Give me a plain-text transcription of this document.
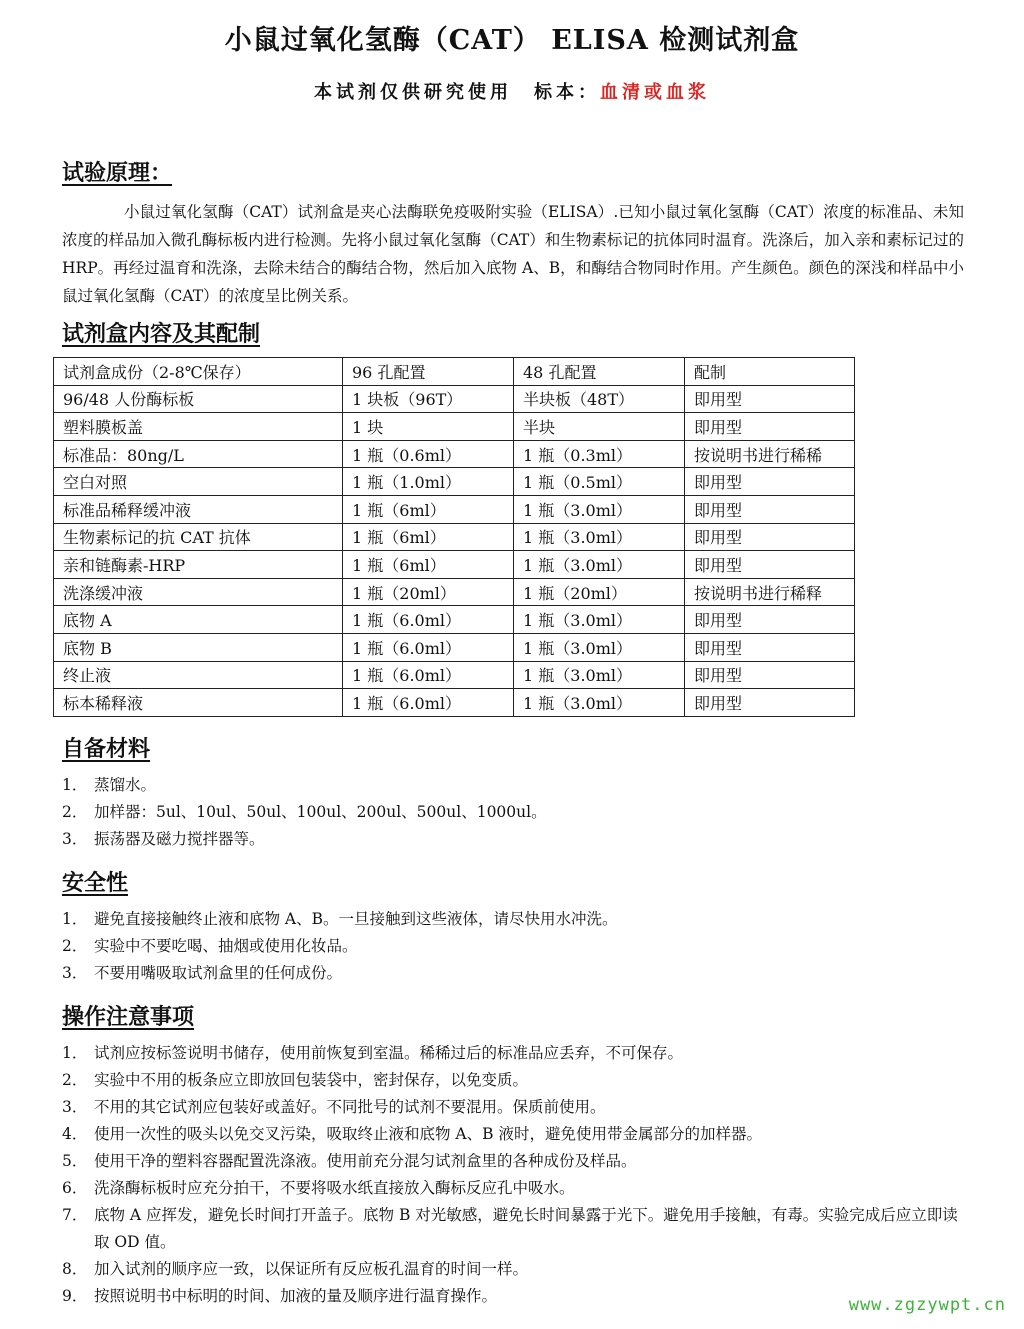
小鼠过氧化氢酶（CAT） ELISA 检测试剂盒
本试剂仅供研究使用 标本：血清或血浆
试验原理：
小鼠过氧化氢酶（CAT）试剂盒是夹心法酶联免疫吸附实验（ELISA）.已知小鼠过氧化氢酶（CAT）浓度的标准品、未知浓度的样品加入微孔酶标板内进行检测。先将小鼠过氧化氢酶（CAT）和生物素标记的抗体同时温育。洗涤后，加入亲和素标记过的 HRP。再经过温育和洗涤，去除未结合的酶结合物，然后加入底物 A、B，和酶结合物同时作用。产生颜色。颜色的深浅和样品中小鼠过氧化氢酶（CAT）的浓度呈比例关系。
试剂盒内容及其配制
试剂盒成份（2-8℃保存）	96 孔配置	48 孔配置	配制
96/48 人份酶标板	1 块板（96T）	半块板（48T）	即用型
塑料膜板盖	1 块	半块	即用型
标准品：80ng/L	1 瓶（0.6ml）	1 瓶（0.3ml）	按说明书进行稀稀
空白对照	1 瓶（1.0ml）	1 瓶（0.5ml）	即用型
标准品稀释缓冲液	1 瓶（6ml）	1 瓶（3.0ml）	即用型
生物素标记的抗 CAT 抗体	1 瓶（6ml）	1 瓶（3.0ml）	即用型
亲和链酶素-HRP	1 瓶（6ml）	1 瓶（3.0ml）	即用型
洗涤缓冲液	1 瓶（20ml）	1 瓶（20ml）	按说明书进行稀释
底物 A	1 瓶（6.0ml）	1 瓶（3.0ml）	即用型
底物 B	1 瓶（6.0ml）	1 瓶（3.0ml）	即用型
终止液	1 瓶（6.0ml）	1 瓶（3.0ml）	即用型
标本稀释液	1 瓶（6.0ml）	1 瓶（3.0ml）	即用型
自备材料
1． 蒸馏水。
2． 加样器：5ul、10ul、50ul、100ul、200ul、500ul、1000ul。
3． 振荡器及磁力搅拌器等。
安全性
1． 避免直接接触终止液和底物 A、B。一旦接触到这些液体，请尽快用水冲洗。
2． 实验中不要吃喝、抽烟或使用化妆品。
3． 不要用嘴吸取试剂盒里的任何成份。
操作注意事项
1． 试剂应按标签说明书储存，使用前恢复到室温。稀稀过后的标准品应丢弃，不可保存。
2． 实验中不用的板条应立即放回包装袋中，密封保存，以免变质。
3． 不用的其它试剂应包装好或盖好。不同批号的试剂不要混用。保质前使用。
4． 使用一次性的吸头以免交叉污染，吸取终止液和底物 A、B 液时，避免使用带金属部分的加样器。
5． 使用干净的塑料容器配置洗涤液。使用前充分混匀试剂盒里的各种成份及样品。
6． 洗涤酶标板时应充分拍干，不要将吸水纸直接放入酶标反应孔中吸水。
7． 底物 A 应挥发，避免长时间打开盖子。底物 B 对光敏感，避免长时间暴露于光下。避免用手接触，有毒。实验完成后应立即读取 OD 值。
8． 加入试剂的顺序应一致，以保证所有反应板孔温育的时间一样。
9． 按照说明书中标明的时间、加液的量及顺序进行温育操作。	www.zgzywpt.cn
